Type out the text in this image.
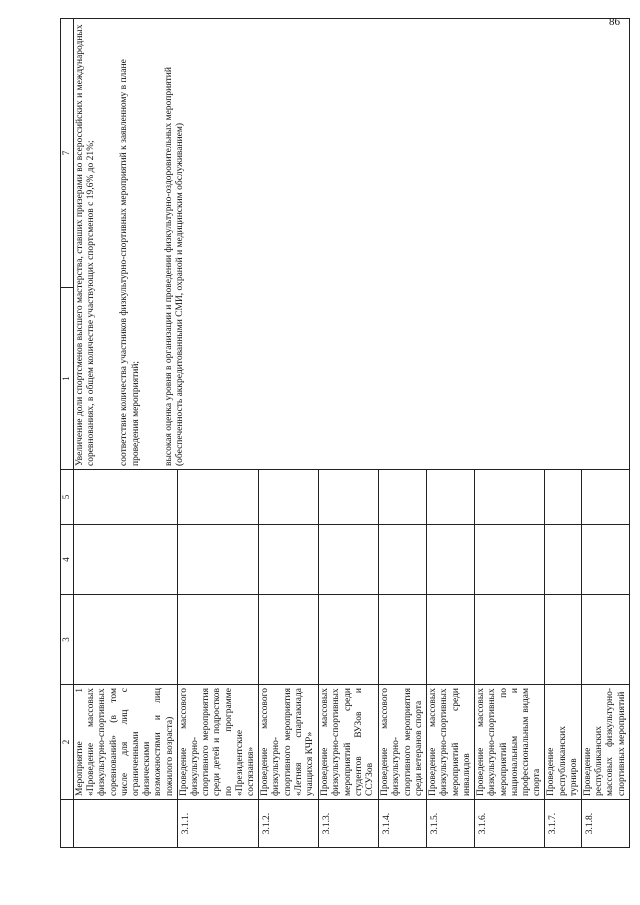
86
	2	3	4	5	1	7
	Мероприятие 1 «Проведение массовых физкультурно-спортивных соревнований» (в том числе для лиц с ограниченными физическими возможностями и лиц пожилого возраста)				Увеличение доли спортсменов высшего мастерства, ставших призерами во всероссийских и международных соревнованиях, в общем количестве участвующих спортсменов с 19,6% до 21%; соответствие количества участников физкультурно-спортивных мероприятий к заявленному в плане проведения мероприятий; высокая оценка уровня в организации и проведении физкультурно-оздоровительных мероприятий (обеспеченность аккредитованными СМИ, охраной и медицинским обслуживанием)	

3.1.1.	Проведение массового физкультурно-спортивного мероприятия среди детей и подростков по программе «Президентские состязания»					
3.1.2.	Проведение массового физкультурно-спортивного мероприятия «Летняя спартакиада учащихся КЧР»					
3.1.3.	Проведение массовых физкультурно-спортивных мероприятий среди студентов ВУЗов и ССУЗов					
3.1.4.	Проведение массового физкультурно-спортивного мероприятия среди ветеранов спорта					
3.1.5.	Проведение массовых физкультурно-спортивных мероприятий среди инвалидов					
3.1.6.	Проведение массовых физкультурно-спортивных мероприятий по национальным и профессиональным видам спорта					
3.1.7.	Проведение республиканских турниров					
3.1.8.	Проведение республиканских массовых физкультурно-спортивных мероприятий					
